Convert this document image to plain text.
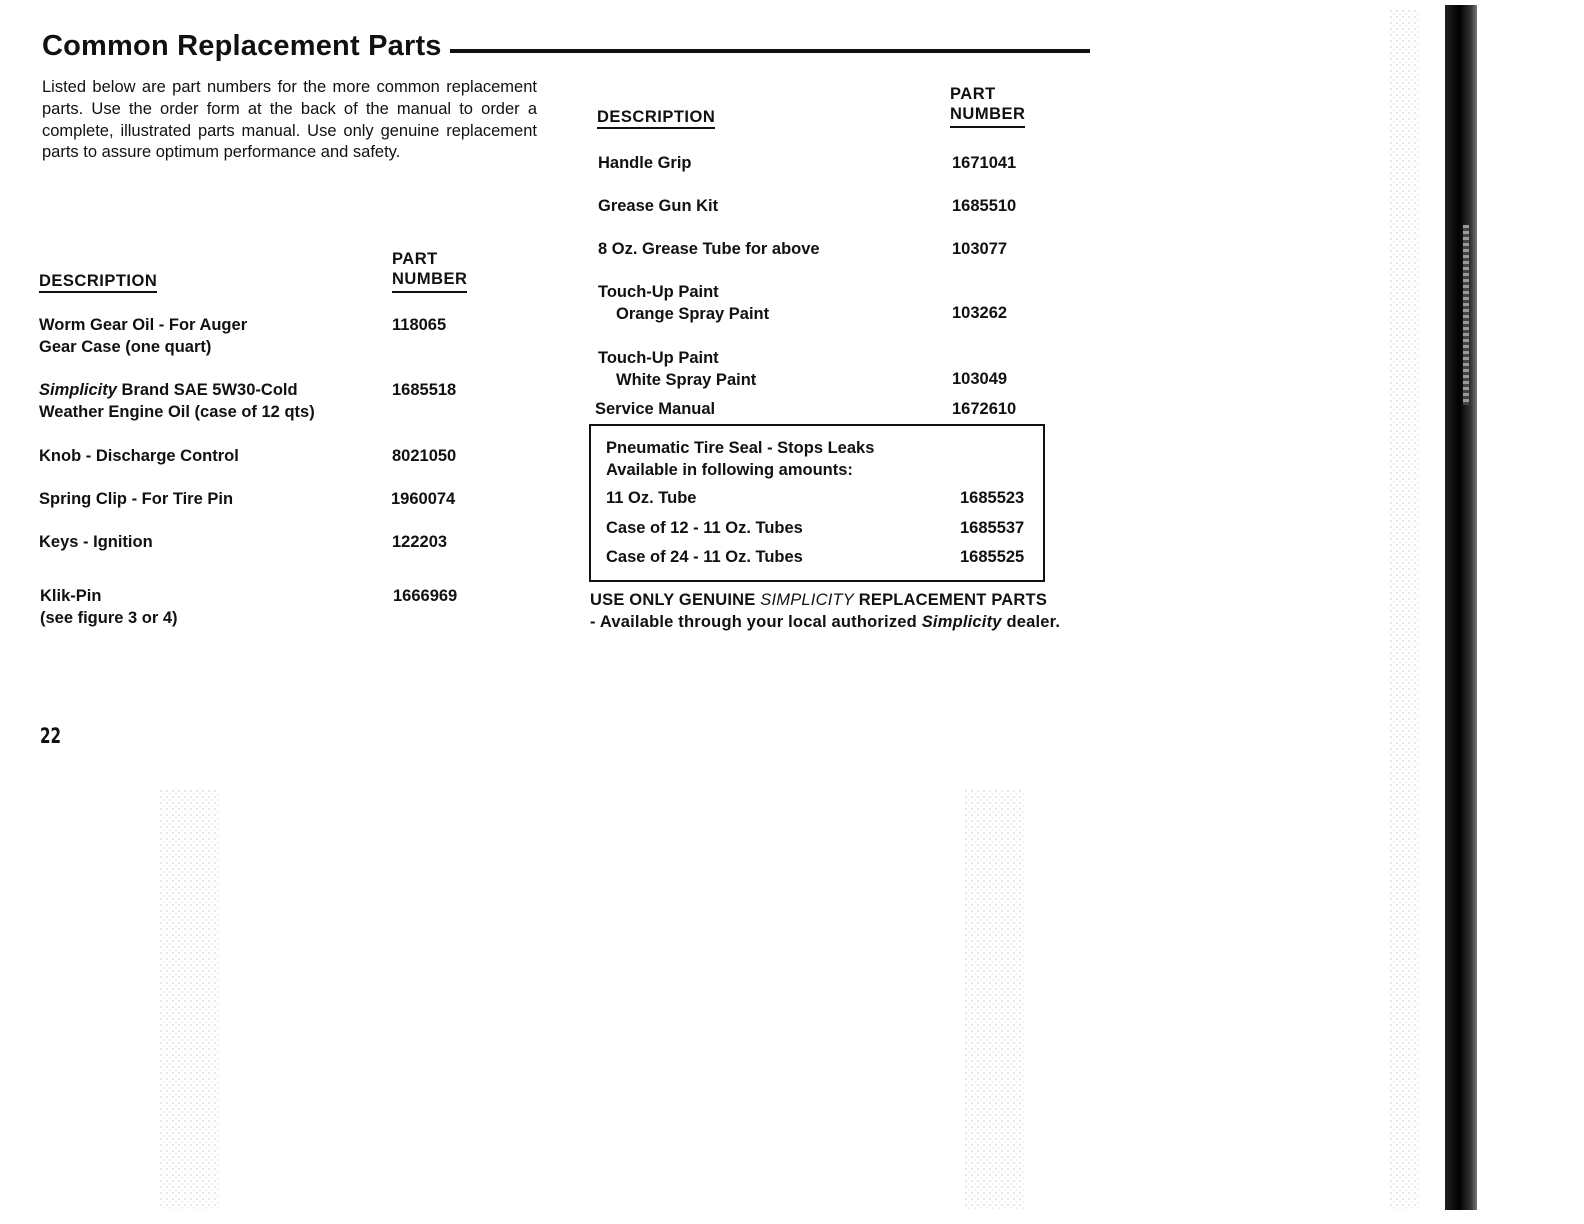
Common Replacement Parts

Listed below are part numbers for the more common replacement parts. Use the order form at the back of the manual to order a complete, illustrated parts manual. Use only genuine replacement parts to assure optimum performance and safety.

DESCRIPTION
PART
NUMBER
Worm Gear Oil - For Auger
Gear Case (one quart)
118065
Simplicity Brand SAE 5W30-Cold
Weather Engine Oil (case of 12 qts)
1685518
Knob - Discharge Control	8021050
Spring Clip - For Tire Pin	1960074
Keys - Ignition	122203
Klik-Pin
(see figure 3 or 4)
1666969
DESCRIPTION
PART
NUMBER
Handle Grip	1671041
Grease Gun Kit	1685510
8 Oz. Grease Tube for above	103077
Touch-Up Paint
Orange Spray Paint	103262
Touch-Up Paint
White Spray Paint	103049
Service Manual	1672610
Pneumatic Tire Seal - Stops Leaks
Available in following amounts:
11 Oz. Tube	1685523
Case of 12 - 11 Oz. Tubes	1685537
Case of 24 - 11 Oz. Tubes	1685525
USE ONLY GENUINE SIMPLICITY REPLACEMENT PARTS
- Available through your local authorized Simplicity dealer.
22
